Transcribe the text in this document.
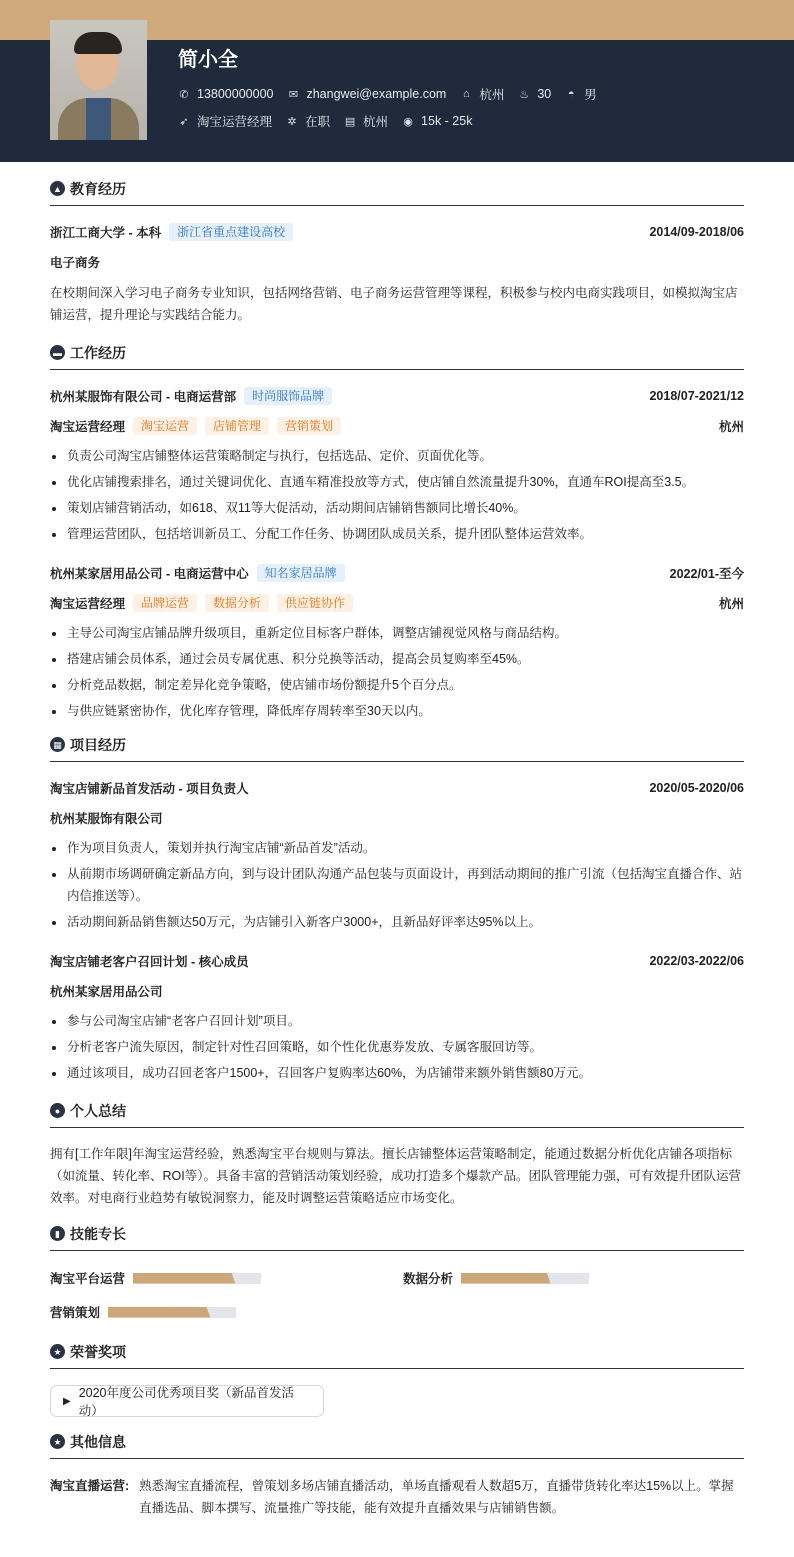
简小全
✆ 13800000000 ✉ zhangwei@example.com ⌂ 杭州 ♨ 30 ◓ 男
➶ 淘宝运营经理 ✲ 在职 ▤ 杭州 ◉ 15k - 25k
▲ 教育经历
浙江工商大学 - 本科	浙江省重点建设高校	2014/09-2018/06
电子商务
在校期间深入学习电子商务专业知识，包括网络营销、电子商务运营管理等课程，积极参与校内电商实践项目，如模拟淘宝店铺运营，提升理论与实践结合能力。
▬ 工作经历
杭州某服饰有限公司 - 电商运营部	时尚服饰品牌	2018/07-2021/12
淘宝运营经理	淘宝运营	店铺管理	营销策划	杭州
负责公司淘宝店铺整体运营策略制定与执行，包括选品、定价、页面优化等。
优化店铺搜索排名，通过关键词优化、直通车精准投放等方式，使店铺自然流量提升30%，直通车ROI提高至3.5。
策划店铺营销活动，如618、双11等大促活动，活动期间店铺销售额同比增长40%。
管理运营团队，包括培训新员工、分配工作任务、协调团队成员关系，提升团队整体运营效率。
杭州某家居用品公司 - 电商运营中心	知名家居品牌	2022/01-至今
淘宝运营经理	品牌运营	数据分析	供应链协作	杭州
主导公司淘宝店铺品牌升级项目，重新定位目标客户群体，调整店铺视觉风格与商品结构。
搭建店铺会员体系，通过会员专属优惠、积分兑换等活动，提高会员复购率至45%。
分析竞品数据，制定差异化竞争策略，使店铺市场份额提升5个百分点。
与供应链紧密协作，优化库存管理，降低库存周转率至30天以内。
▦ 项目经历
淘宝店铺新品首发活动 - 项目负责人	2020/05-2020/06
杭州某服饰有限公司
作为项目负责人，策划并执行淘宝店铺“新品首发”活动。
从前期市场调研确定新品方向，到与设计团队沟通产品包装与页面设计，再到活动期间的推广引流（包括淘宝直播合作、站内信推送等）。
活动期间新品销售额达50万元，为店铺引入新客户3000+，且新品好评率达95%以上。
淘宝店铺老客户召回计划 - 核心成员	2022/03-2022/06
杭州某家居用品公司
参与公司淘宝店铺“老客户召回计划”项目。
分析老客户流失原因，制定针对性召回策略，如个性化优惠券发放、专属客服回访等。
通过该项目，成功召回老客户1500+，召回客户复购率达60%，为店铺带来额外销售额80万元。
● 个人总结
拥有[工作年限]年淘宝运营经验，熟悉淘宝平台规则与算法。擅长店铺整体运营策略制定，能通过数据分析优化店铺各项指标（如流量、转化率、ROI等）。具备丰富的营销活动策划经验，成功打造多个爆款产品。团队管理能力强，可有效提升团队运营效率。对电商行业趋势有敏锐洞察力，能及时调整运营策略适应市场变化。
▮ 技能专长
淘宝平台运营	数据分析
营销策划
★ 荣誉奖项
▶
2020年度公司优秀项目奖（新品首发活动）
★ 其他信息
淘宝直播运营: 熟悉淘宝直播流程，曾策划多场店铺直播活动，单场直播观看人数超5万，直播带货转化率达15%以上。掌握直播选品、脚本撰写、流量推广等技能，能有效提升直播效果与店铺销售额。
